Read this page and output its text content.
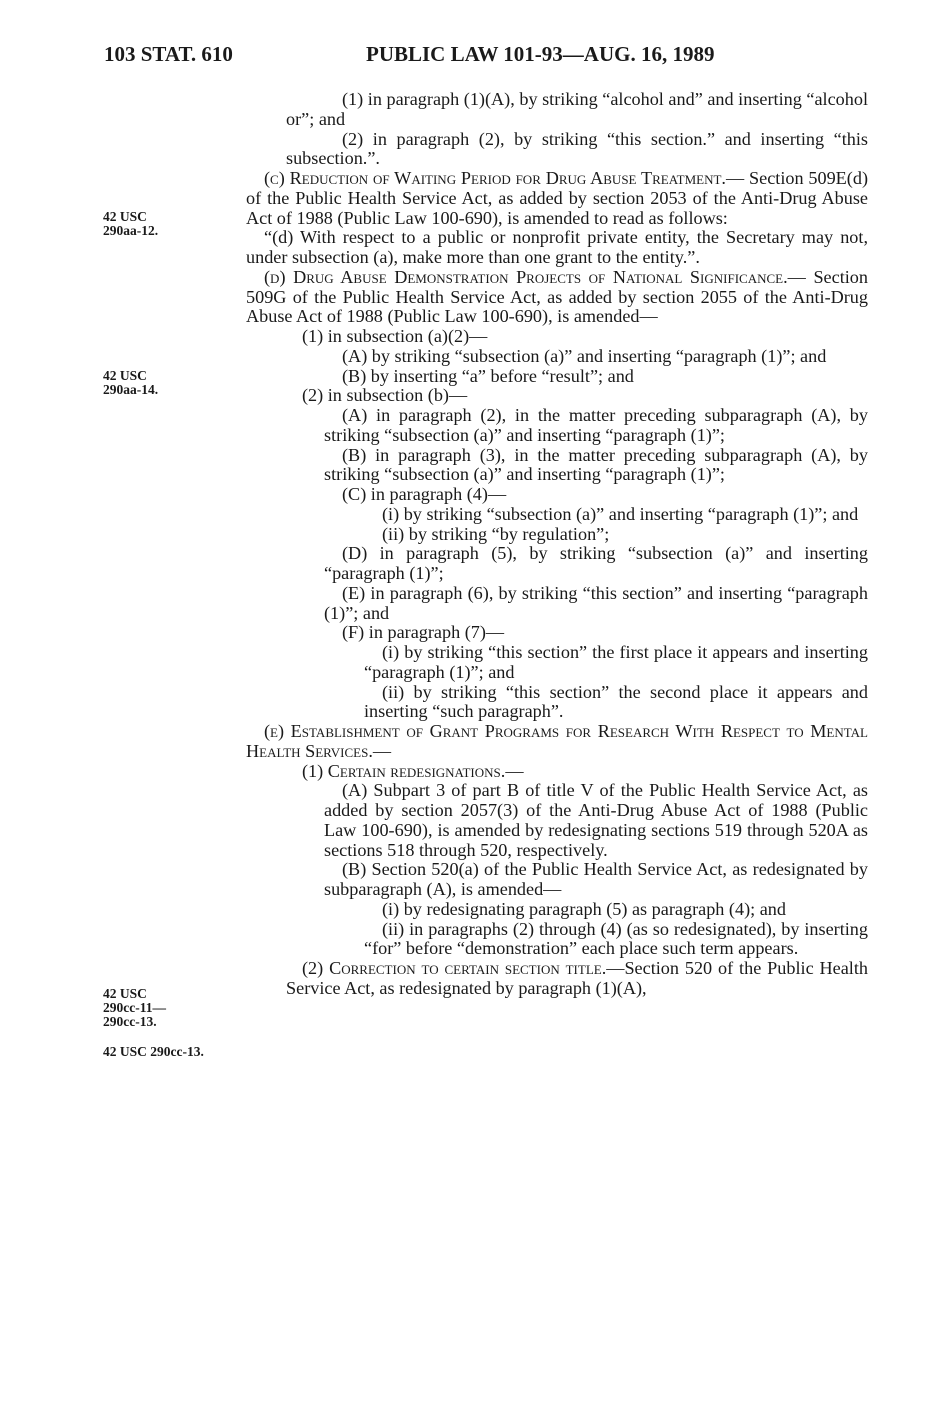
103 STAT. 610	PUBLIC LAW 101-93—AUG. 16, 1989
42 USC
290aa-12.
42 USC
290aa-14.
42 USC
290cc-11—
290cc-13.
42 USC 290cc-13.

(1) in paragraph (1)(A), by striking “alcohol and” and inserting “alcohol or”; and

(2) in paragraph (2), by striking “this section.” and inserting “this subsection.”.

(c) Reduction of Waiting Period for Drug Abuse Treatment.— Section 509E(d) of the Public Health Service Act, as added by section 2053 of the Anti-Drug Abuse Act of 1988 (Public Law 100-690), is amended to read as follows:

“(d) With respect to a public or nonprofit private entity, the Secretary may not, under subsection (a), make more than one grant to the entity.”.

(d) Drug Abuse Demonstration Projects of National Significance.— Section 509G of the Public Health Service Act, as added by section 2055 of the Anti-Drug Abuse Act of 1988 (Public Law 100-690), is amended—

(1) in subsection (a)(2)—

(A) by striking “subsection (a)” and inserting “paragraph (1)”; and

(B) by inserting “a” before “result”; and

(2) in subsection (b)—

(A) in paragraph (2), in the matter preceding subparagraph (A), by striking “subsection (a)” and inserting “paragraph (1)”;

(B) in paragraph (3), in the matter preceding subparagraph (A), by striking “subsection (a)” and inserting “paragraph (1)”;

(C) in paragraph (4)—

(i) by striking “subsection (a)” and inserting “paragraph (1)”; and

(ii) by striking “by regulation”;

(D) in paragraph (5), by striking “subsection (a)” and inserting “paragraph (1)”;

(E) in paragraph (6), by striking “this section” and inserting “paragraph (1)”; and

(F) in paragraph (7)—

(i) by striking “this section” the first place it appears and inserting “paragraph (1)”; and

(ii) by striking “this section” the second place it appears and inserting “such paragraph”.

(e) Establishment of Grant Programs for Research With Respect to Mental Health Services.—

(1) Certain redesignations.—

(A) Subpart 3 of part B of title V of the Public Health Service Act, as added by section 2057(3) of the Anti-Drug Abuse Act of 1988 (Public Law 100-690), is amended by redesignating sections 519 through 520A as sections 518 through 520, respectively.

(B) Section 520(a) of the Public Health Service Act, as redesignated by subparagraph (A), is amended—

(i) by redesignating paragraph (5) as paragraph (4); and

(ii) in paragraphs (2) through (4) (as so redesignated), by inserting “for” before “demonstration” each place such term appears.

(2) Correction to certain section title.—Section 520 of the Public Health Service Act, as redesignated by paragraph (1)(A),
